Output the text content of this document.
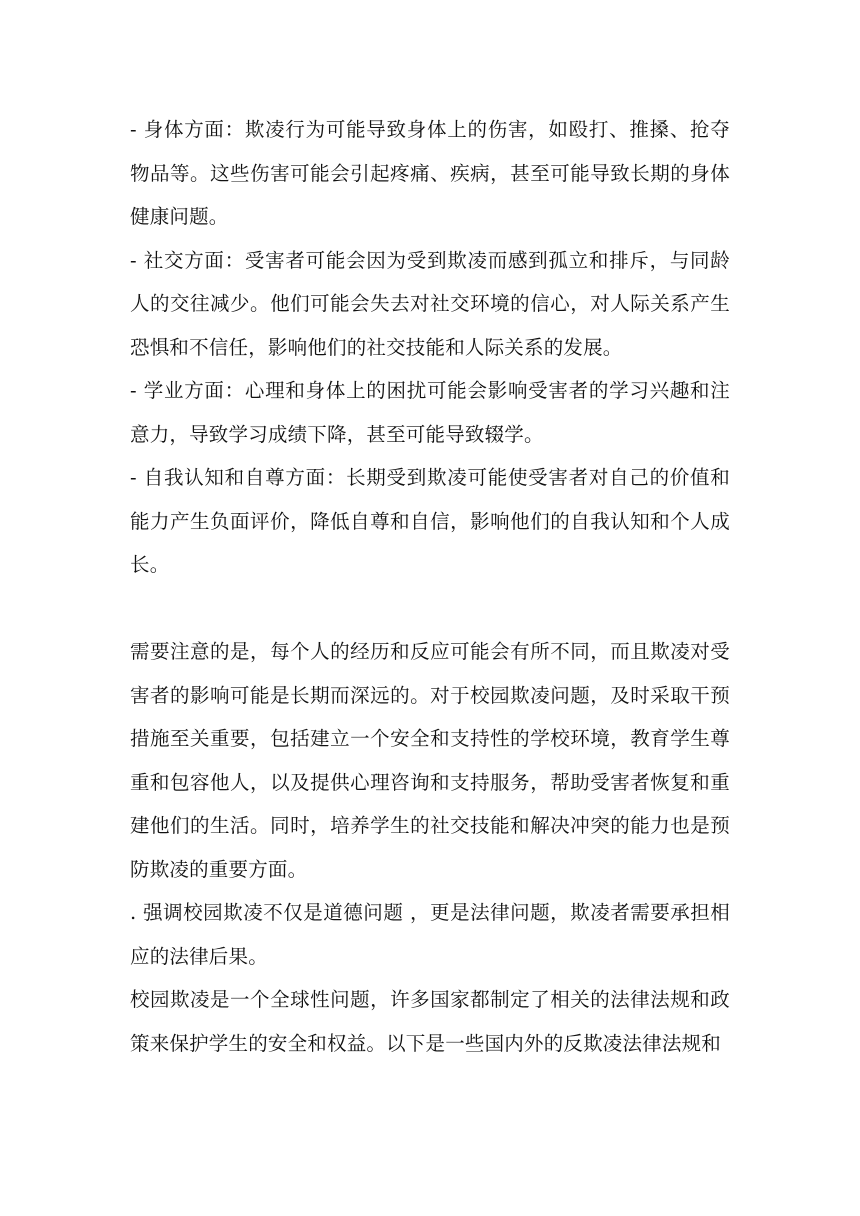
- 身体方面：欺凌行为可能导致身体上的伤害，如殴打、推搡、抢夺物品等。这些伤害可能会引起疼痛、疾病，甚至可能导致长期的身体健康问题。

- 社交方面：受害者可能会因为受到欺凌而感到孤立和排斥，与同龄人的交往减少。他们可能会失去对社交环境的信心，对人际关系产生恐惧和不信任，影响他们的社交技能和人际关系的发展。

- 学业方面：心理和身体上的困扰可能会影响受害者的学习兴趣和注意力，导致学习成绩下降，甚至可能导致辍学。

- 自我认知和自尊方面：长期受到欺凌可能使受害者对自己的价值和能力产生负面评价，降低自尊和自信，影响他们的自我认知和个人成长。

需要注意的是，每个人的经历和反应可能会有所不同，而且欺凌对受害者的影响可能是长期而深远的。对于校园欺凌问题，及时采取干预措施至关重要，包括建立一个安全和支持性的学校环境，教育学生尊重和包容他人，以及提供心理咨询和支持服务，帮助受害者恢复和重建他们的生活。同时，培养学生的社交技能和解决冲突的能力也是预防欺凌的重要方面。

. 强调校园欺凌不仅是道德问题 ，更是法律问题，欺凌者需要承担相应的法律后果。

校园欺凌是一个全球性问题，许多国家都制定了相关的法律法规和政策来保护学生的安全和权益。以下是一些国内外的反欺凌法律法规和
